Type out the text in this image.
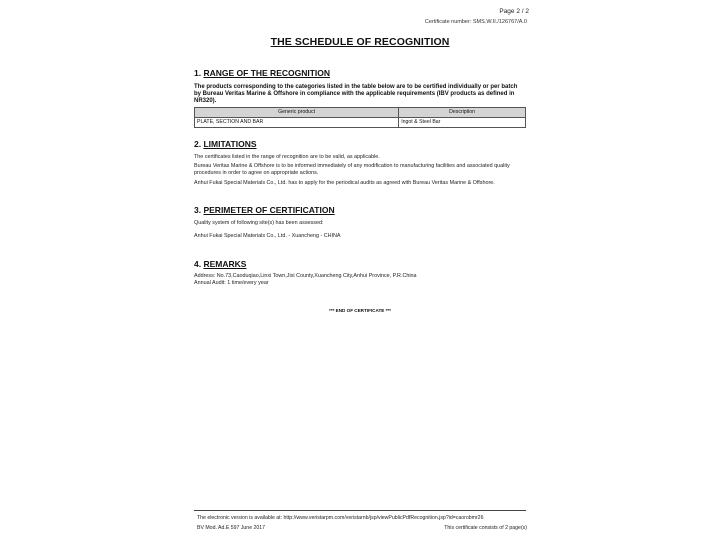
Page 2 / 2
Certificate number: SMS.W.II./126767/A.0
THE SCHEDULE OF RECOGNITION

1. RANGE OF THE RECOGNITION

The products corresponding to the categories listed in the table below are to be certified individually or per batch by Bureau Veritas Marine & Offshore in compliance with the applicable requirements (IBV products as defined in NR320).

Generic product	Description
PLATE, SECTION AND BAR	Ingot & Steel Bar

2. LIMITATIONS

The certificates listed in the range of recognition are to be valid, as applicable.

Bureau Veritas Marine & Offshore is to be informed immediately of any modification to manufacturing facilities and associated quality procedures in order to agree on appropriate actions.

Anhui Fukai Special Materials Co., Ltd. has to apply for the periodical audits as agreed with Bureau Veritas Marine & Offshore.

3. PERIMETER OF CERTIFICATION

Quality system of following site(s) has been assessed:

Anhui Fukai Special Materials Co., Ltd. - Xuancheng - CHINA

4. REMARKS

Address: No.73,Caoduqiao,Linxi Town,Jixi County,Xuancheng City,Anhui Province, P.R.China

Annual Audit: 1 time/every year

*** END OF CERTIFICATE ***
The electronic version is available at: http://www.veristarpm.com/veristarnb/jsp/viewPublicPdfRecognition.jsp?id=caorobmr26
BV Mod. Ad.E 597 June 2017	This certificate consists of 2 page(s)
